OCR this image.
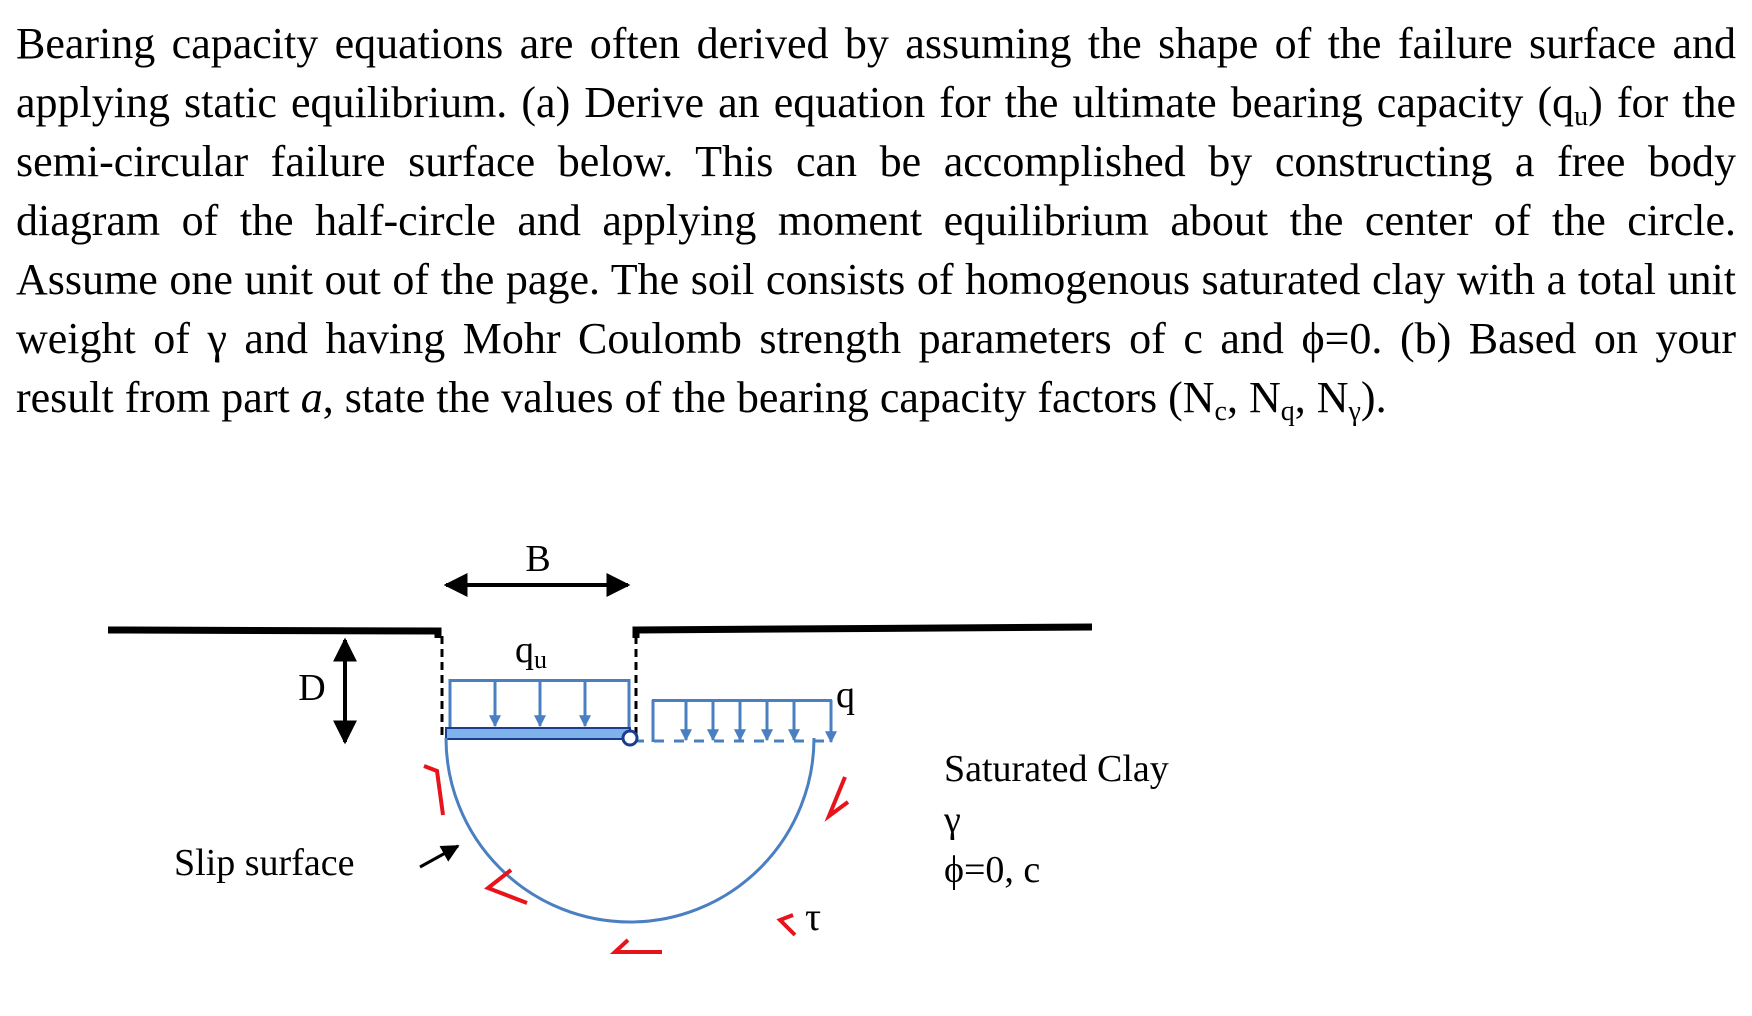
Bearing capacity equations are often derived by assuming the shape of the failure surface and applying static equilibrium. (a) Derive an equation for the ultimate bearing capacity $(q_u)$ for the semi-circular failure surface below. This can be accomplished by constructing a free body diagram of the half-circle and applying moment equilibrium about the center of the circle. Assume one unit out of the page. The soil consists of homogenous saturated clay with a total unit weight of γ and having Mohr Coulomb strength parameters of c and ϕ=0. (b) Based on your result from part a, state the values of the bearing capacity factors ($N_c$, $N_q$, $N_\gamma$).

B
D
qu
q
τ
Slip surface
Saturated Clay
γ
ϕ=0, c
